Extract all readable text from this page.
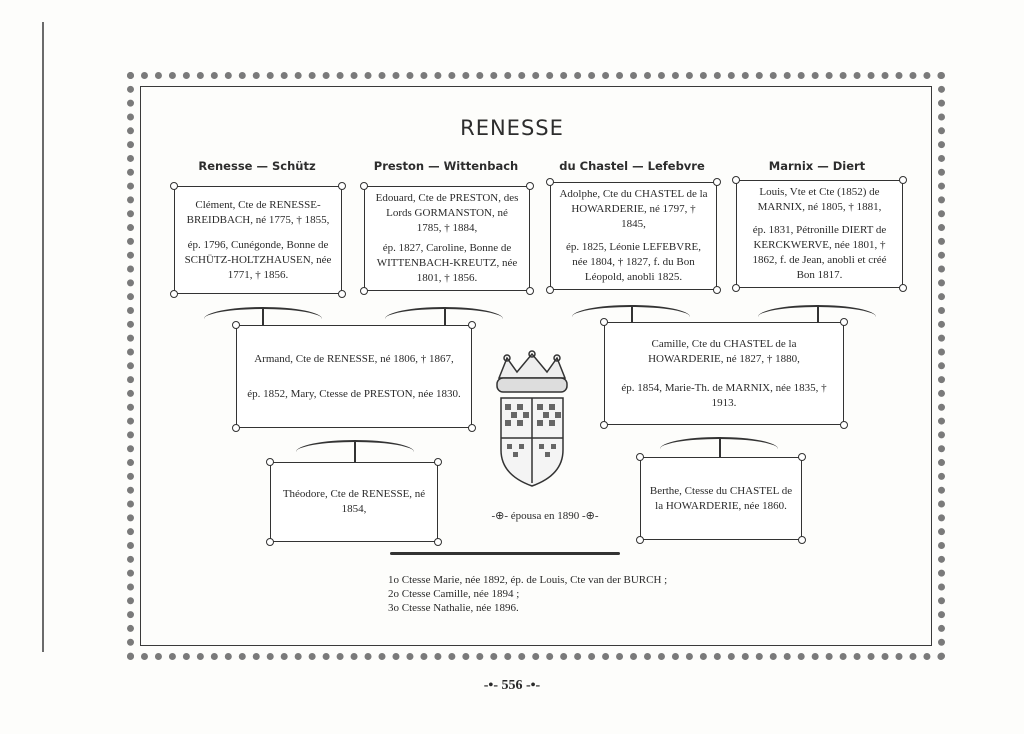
RENESSE
Renesse — Schütz	Preston — Wittenbach	du Chastel — Lefebvre	Marnix — Diert

Clément, Cte de RENESSE-BREIDBACH, né 1775, † 1855,

ép. 1796, Cunégonde, Bonne de SCHÜTZ-HOLTZHAUSEN, née 1771, † 1856.

Edouard, Cte de PRESTON, des Lords GORMANSTON, né 1785, † 1884,

ép. 1827, Caroline, Bonne de WITTENBACH-KREUTZ, née 1801, † 1856.

Adolphe, Cte du CHASTEL de la HOWARDERIE, né 1797, † 1845,

ép. 1825, Léonie LEFEBVRE, née 1804, † 1827, f. du Bon Léopold, anobli 1825.

Louis, Vte et Cte (1852) de MARNIX, né 1805, † 1881,

ép. 1831, Pétronille DIERT de KERCKWERVE, née 1801, † 1862, f. de Jean, anobli et créé Bon 1817.

Armand, Cte de RENESSE, né 1806, † 1867,

ép. 1852, Mary, Ctesse de PRESTON, née 1830.

Camille, Cte du CHASTEL de la HOWARDERIE, né 1827, † 1880,

ép. 1854, Marie-Th. de MARNIX, née 1835, † 1913.

Théodore, Cte de RENESSE, né 1854,

Berthe, Ctesse du CHASTEL de la HOWARDERIE, née 1860.

-⊕- épousa en 1890 -⊕-

1o Ctesse Marie, née 1892, ép. de Louis, Cte van der BURCH ;

2o Ctesse Camille, née 1894 ;

3o Ctesse Nathalie, née 1896.

-•- 556 -•-
